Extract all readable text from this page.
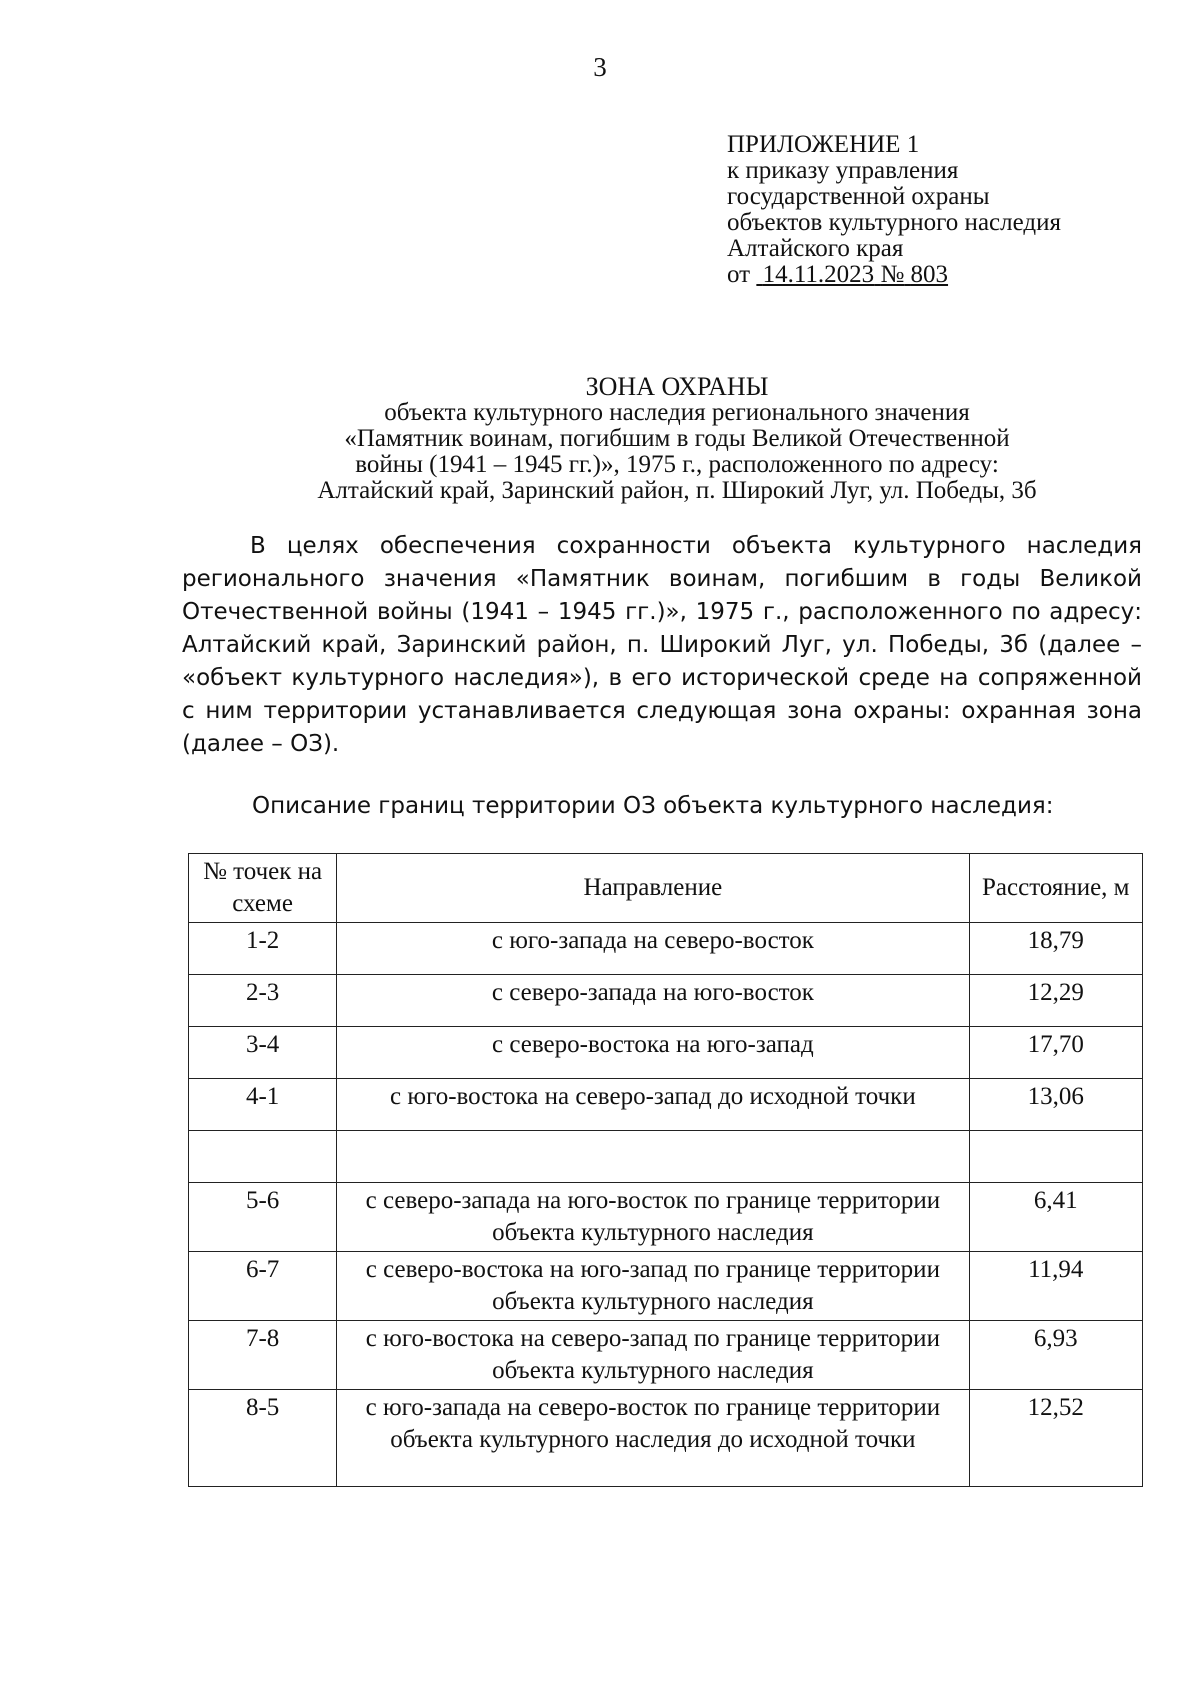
3
ПРИЛОЖЕНИЕ 1
к приказу управления
государственной охраны
объектов культурного наследия
Алтайского края
от 14.11.2023 № 803
ЗОНА ОХРАНЫ
объекта культурного наследия регионального значения
«Памятник воинам, погибшим в годы Великой Отечественной
войны (1941 – 1945 гг.)», 1975 г., расположенного по адресу:
Алтайский край, Заринский район, п. Широкий Луг, ул. Победы, 3б
В целях обеспечения сохранности объекта культурного наследия регионального значения «Памятник воинам, погибшим в годы Великой Отечественной войны (1941 – 1945 гг.)», 1975 г., расположенного по адресу: Алтайский край, Заринский район, п. Широкий Луг, ул. Победы, 3б (далее – «объект культурного наследия»), в его исторической среде на сопряженной с ним территории устанавливается следующая зона охраны: охранная зона (далее – ОЗ).
Описание границ территории ОЗ объекта культурного наследия:
№ точек на схеме	Направление	Расстояние, м
1-2	с юго-запада на северо-восток	18,79
2-3	с северо-запада на юго-восток	12,29
3-4	с северо-востока на юго-запад	17,70
4-1	с юго-востока на северо-запад до исходной точки	13,06

5-6	с северо-запада на юго-восток по границе территории объекта культурного наследия	6,41
6-7	с северо-востока на юго-запад по границе территории объекта культурного наследия	11,94
7-8	с юго-востока на северо-запад по границе территории объекта культурного наследия	6,93
8-5	с юго-запада на северо-восток по границе территории объекта культурного наследия до исходной точки	12,52
